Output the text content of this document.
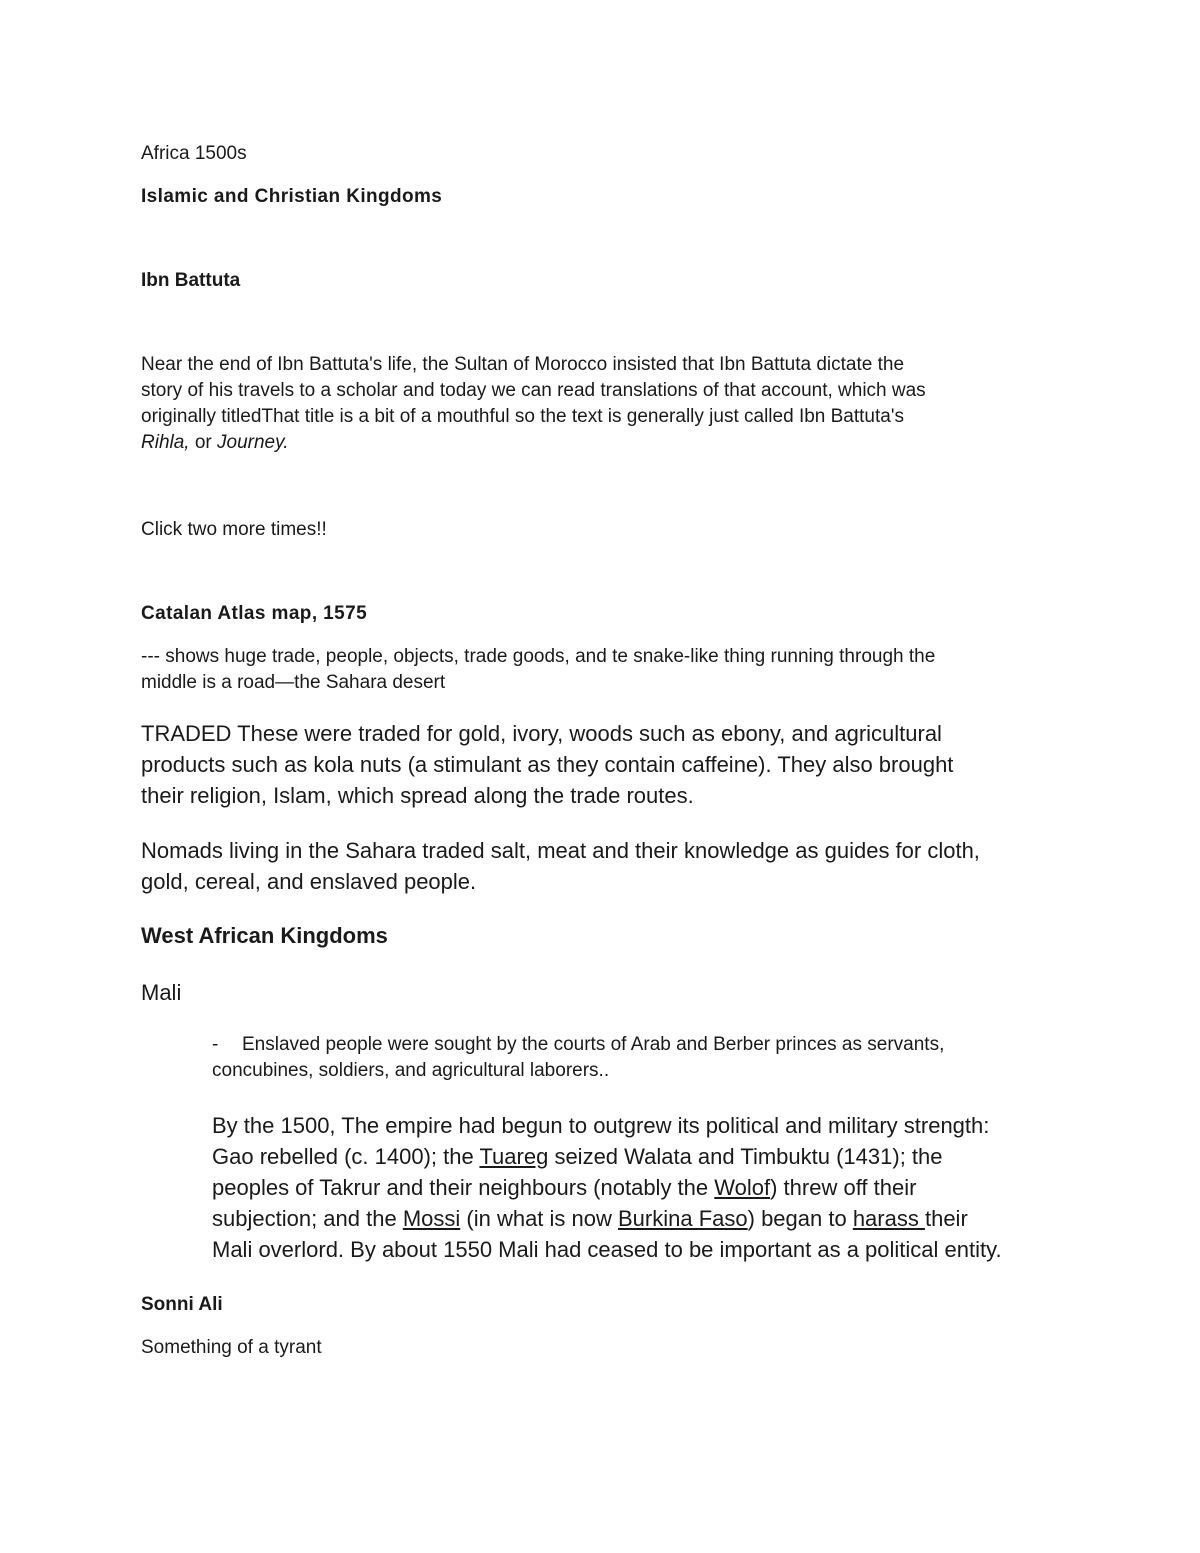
Africa 1500s

Islamic and Christian Kingdoms

Ibn Battuta

Near the end of Ibn Battuta's life, the Sultan of Morocco insisted that Ibn Battuta dictate the
story of his travels to a scholar and today we can read translations of that account, which was
originally titledThat title is a bit of a mouthful so the text is generally just called Ibn Battuta's
Rihla, or Journey.

Click two more times!!

Catalan Atlas map, 1575

--- shows huge trade, people, objects, trade goods, and te snake-like thing running through the
middle is a road—the Sahara desert
TRADED These were traded for gold, ivory, woods such as ebony, and agricultural
products such as kola nuts (a stimulant as they contain caffeine). They also brought
their religion, Islam, which spread along the trade routes.
Nomads living in the Sahara traded salt, meat and their knowledge as guides for cloth,
gold, cereal, and enslaved people.

West African Kingdoms

Mali

- Enslaved people were sought by the courts of Arab and Berber princes as servants,
concubines, soldiers, and agricultural laborers..
By the 1500, The empire had begun to outgrew its political and military strength:
Gao rebelled (c. 1400); the Tuareg seized Walata and Timbuktu (1431); the
peoples of Takrur and their neighbours (notably the Wolof) threw off their
subjection; and the Mossi (in what is now Burkina Faso) began to harass their
Mali overlord. By about 1550 Mali had ceased to be important as a political entity.

Sonni Ali

Something of a tyrant
